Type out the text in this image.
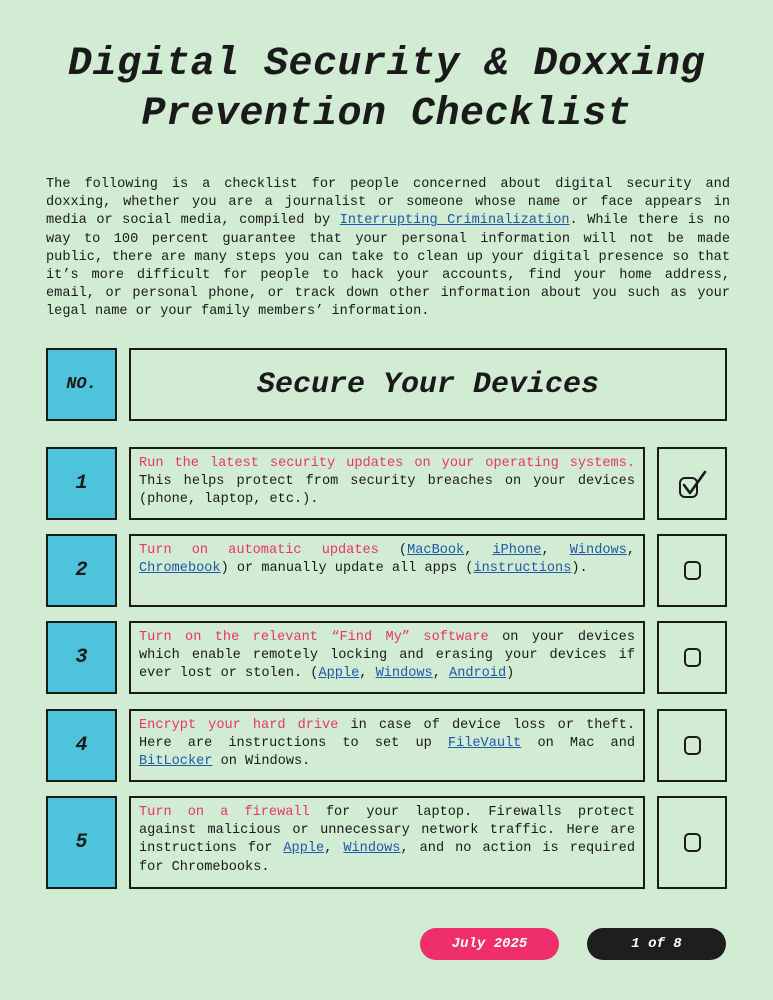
Digital Security & Doxxing
Prevention Checklist

The following is a checklist for people concerned about digital security and doxxing, whether you are a journalist or someone whose name or face appears in media or social media, compiled by Interrupting Criminalization. While there is no way to 100 percent guarantee that your personal information will not be made public, there are many steps you can take to clean up your digital presence so that it’s more difficult for people to hack your accounts, find your home address, email, or personal phone, or track down other information about you such as your legal name or your family members’ information.

NO.	Secure Your Devices
1
Run the latest security updates on your operating systems. This helps protect from security breaches on your devices (phone, laptop, etc.).
2
Turn on automatic updates (MacBook, iPhone, Windows, Chromebook) or manually update all apps (instructions).
3
Turn on the relevant “Find My” software on your devices which enable remotely locking and erasing your devices if ever lost or stolen. (Apple, Windows, Android)
4
Encrypt your hard drive in case of device loss or theft. Here are instructions to set up FileVault on Mac and BitLocker on Windows.
5
Turn on a firewall for your laptop. Firewalls protect against malicious or unnecessary network traffic. Here are instructions for Apple, Windows, and no action is required for Chromebooks.
July 2025	1 of 8
